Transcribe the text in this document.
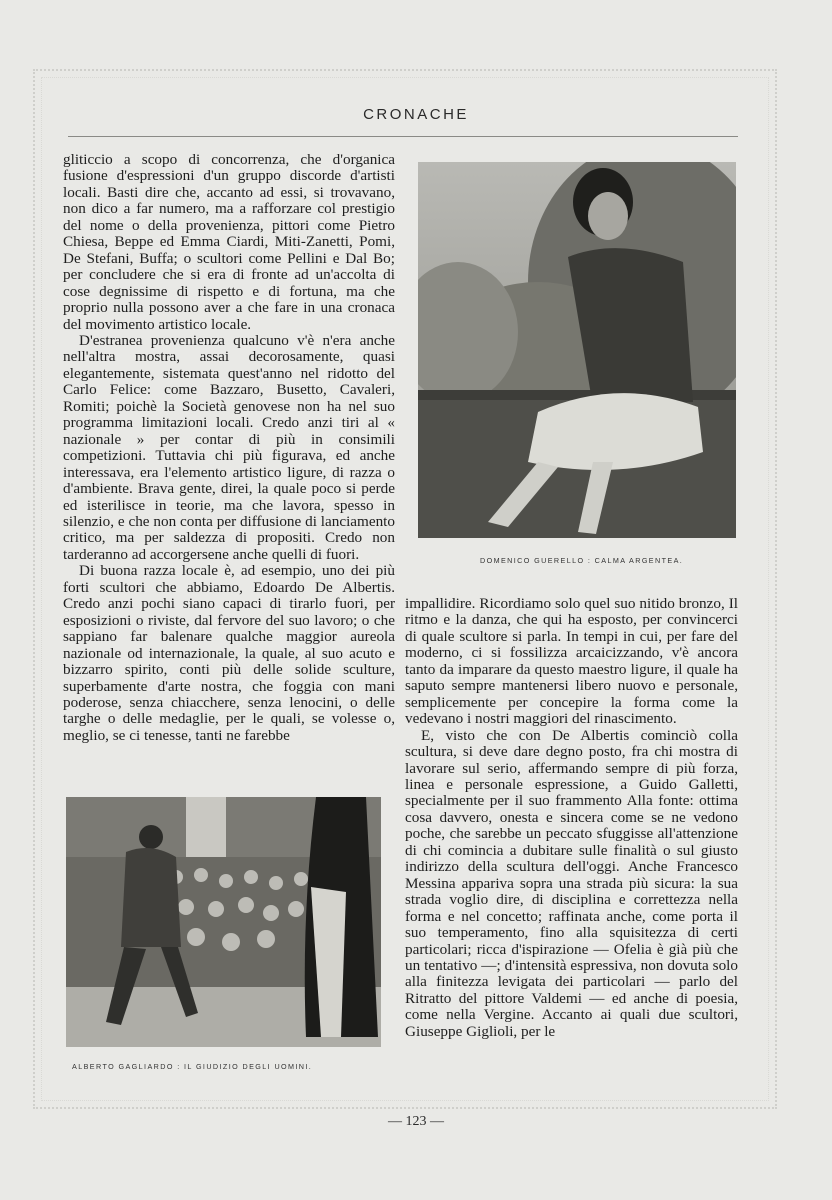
CRONACHE

gliticcio a scopo di concorrenza, che d'organica fusione d'espressioni d'un gruppo discorde d'artisti locali. Basti dire che, accanto ad essi, si trovavano, non dico a far numero, ma a rafforzare col prestigio del nome o della provenienza, pittori come Pietro Chiesa, Beppe ed Emma Ciardi, Miti-Zanetti, Pomi, De Stefani, Buffa; o scultori come Pellini e Dal Bo; per concludere che si era di fronte ad un'accolta di cose degnissime di rispetto e di fortuna, ma che proprio nulla possono aver a che fare in una cronaca del movimento artistico locale.

D'estranea provenienza qualcuno v'è n'era anche nell'altra mostra, assai decorosamente, quasi elegantemente, sistemata quest'anno nel ridotto del Carlo Felice: come Bazzaro, Busetto, Cavaleri, Romiti; poichè la Società genovese non ha nel suo programma limitazioni locali. Credo anzi tiri al « nazionale » per contar di più in consimili competizioni. Tuttavia chi più figurava, ed anche interessava, era l'elemento artistico ligure, di razza o d'ambiente. Brava gente, direi, la quale poco si perde ed isterilisce in teorie, ma che lavora, spesso in silenzio, e che non conta per diffusione di lanciamento critico, ma per saldezza di propositi. Credo non tarderanno ad accorgersene anche quelli di fuori.

Di buona razza locale è, ad esempio, uno dei più forti scultori che abbiamo, Edoardo De Albertis. Credo anzi pochi siano capaci di tirarlo fuori, per esposizioni o riviste, dal fervore del suo lavoro; o che sappiano far balenare qualche maggior aureola nazionale od internazionale, la quale, al suo acuto e bizzarro spirito, conti più delle solide sculture, superbamente d'arte nostra, che foggia con mani poderose, senza chiacchere, senza lenocini, o delle targhe o delle medaglie, per le quali, se volesse o, meglio, se ci tenesse, tanti ne farebbe

DOMENICO GUERELLO : CALMA ARGENTEA.

impallidire. Ricordiamo solo quel suo nitido bronzo, Il ritmo e la danza, che qui ha esposto, per convincerci di quale scultore si parla. In tempi in cui, per fare del moderno, ci si fossilizza arcaicizzando, v'è ancora tanto da imparare da questo maestro ligure, il quale ha saputo sempre mantenersi libero nuovo e personale, semplicemente per concepire la forma come la vedevano i nostri maggiori del rinascimento.

E, visto che con De Albertis cominciò colla scultura, si deve dare degno posto, fra chi mostra di lavorare sul serio, affermando sempre di più forza, linea e personale espressione, a Guido Galletti, specialmente per il suo frammento Alla fonte: ottima cosa davvero, onesta e sincera come se ne vedono poche, che sarebbe un peccato sfuggisse all'attenzione di chi comincia a dubitare sulle finalità o sul giusto indirizzo della scultura dell'oggi. Anche Francesco Messina appariva sopra una strada più sicura: la sua strada voglio dire, di disciplina e correttezza nella forma e nel concetto; raffinata anche, come porta il suo temperamento, fino alla squisitezza di certi particolari; ricca d'ispirazione — Ofelia è già più che un tentativo —; d'intensità espressiva, non dovuta solo alla finitezza levigata dei particolari — parlo del Ritratto del pittore Valdemi — ed anche di poesia, come nella Vergine. Accanto ai quali due scultori, Giuseppe Giglioli, per le

ALBERTO GAGLIARDO : IL GIUDIZIO DEGLI UOMINI.
— 123 —
